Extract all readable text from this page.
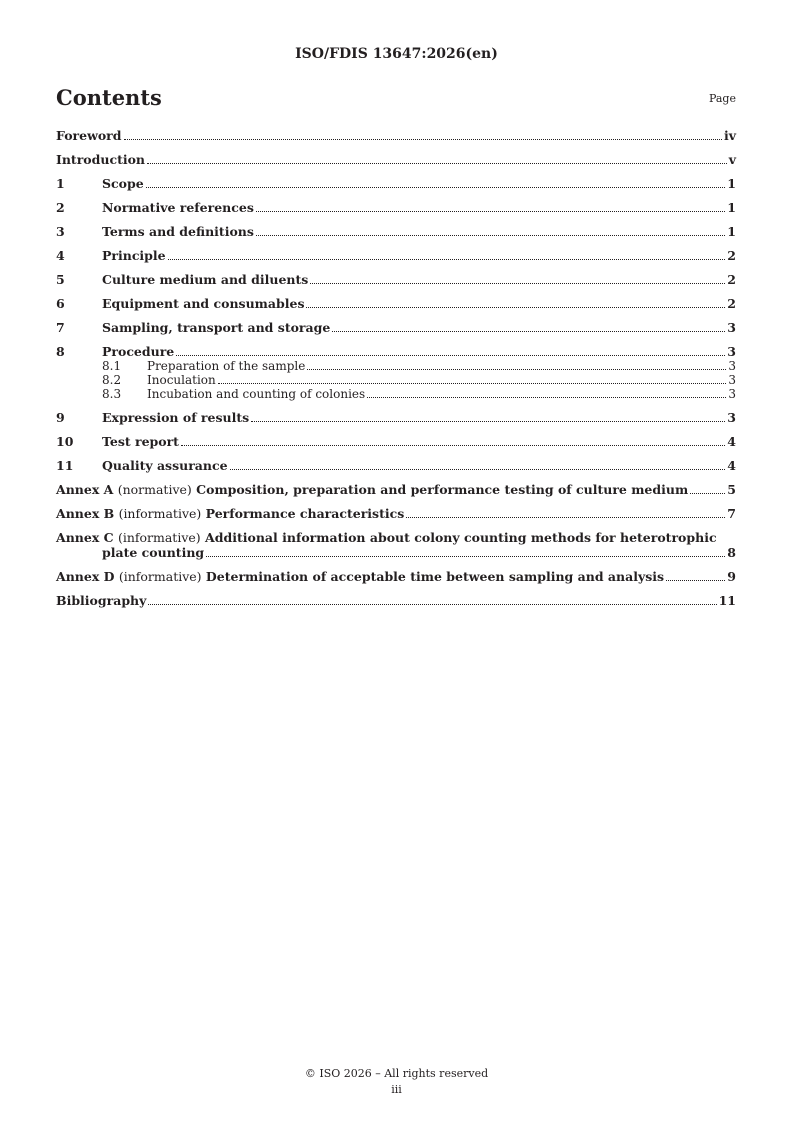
ISO/FDIS 13647:2026(en)
Contents	Page
Foreword	iv
Introduction	v
1	Scope	1
2	Normative references	1
3	Terms and definitions	1
4	Principle	2
5	Culture medium and diluents	2
6	Equipment and consumables	2
7	Sampling, transport and storage	3
8	Procedure	3
8.1	Preparation of the sample	3
8.2	Inoculation	3
8.3	Incubation and counting of colonies	3
9	Expression of results	3
10	Test report	4
11	Quality assurance	4
Annex A (normative) Composition, preparation and performance testing of culture medium	5
Annex B (informative) Performance characteristics	7
Annex C (informative) Additional information about colony counting methods for heterotrophic
plate counting	8
Annex D (informative) Determination of acceptable time between sampling and analysis	9
Bibliography	11
© ISO 2026 – All rights reserved
iii
